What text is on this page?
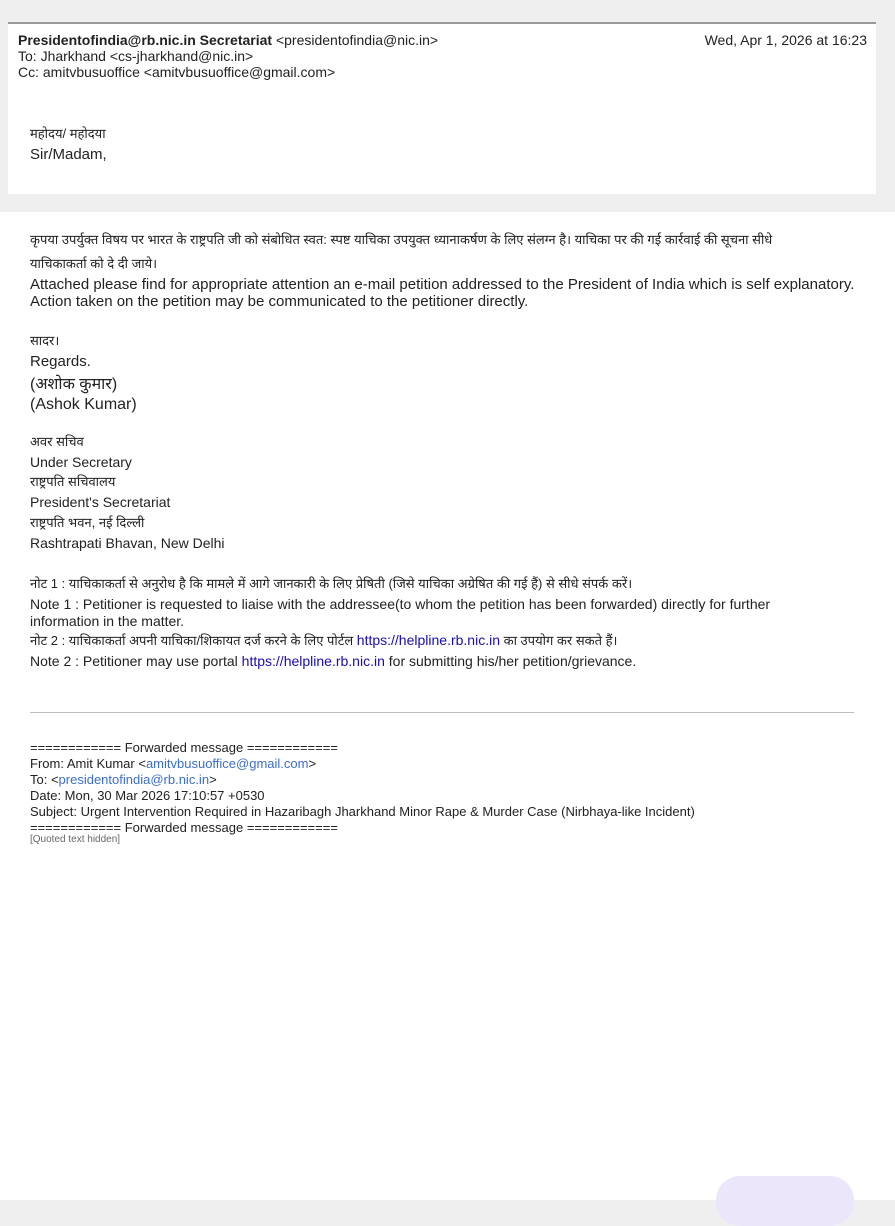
Presidentofindia@rb.nic.in Secretariat <presidentofindia@nic.in>	Wed, Apr 1, 2026 at 16:23
To: Jharkhand <cs-jharkhand@nic.in>
Cc: amitvbusuoffice <amitvbusuoffice@gmail.com>
महोदय/ महोदया
Sir/Madam,
कृपया उपर्युक्त विषय पर भारत के राष्ट्रपति जी को संबोधित स्वत: स्पष्ट याचिका उपयुक्त ध्यानाकर्षण के लिए संलग्न है। याचिका पर की गई कार्रवाई की सूचना सीधे
याचिकाकर्ता को दे दी जाये।
Attached please find for appropriate attention an e-mail petition addressed to the President of India which is self explanatory.
Action taken on the petition may be communicated to the petitioner directly.
सादर।
Regards.
(अशोक कुमार)
(Ashok Kumar)
अवर सचिव
Under Secretary
राष्ट्रपति सचिवालय
President's Secretariat
राष्ट्रपति भवन, नई दिल्ली
Rashtrapati Bhavan, New Delhi
नोट 1 : याचिकाकर्ता से अनुरोध है कि मामले में आगे जानकारी के लिए प्रेषिती (जिसे याचिका अग्रेषित की गई हैं) से सीधे संपर्क करें।
Note 1 : Petitioner is requested to liaise with the addressee(to whom the petition has been forwarded) directly for further
information in the matter.
नोट 2 : याचिकाकर्ता अपनी याचिका/शिकायत दर्ज करने के लिए पोर्टल https://helpline.rb.nic.in का उपयोग कर सकते हैं।
Note 2 : Petitioner may use portal https://helpline.rb.nic.in for submitting his/her petition/grievance.
============ Forwarded message ============
From: Amit Kumar <amitvbusuoffice@gmail.com>
To: <presidentofindia@rb.nic.in>
Date: Mon, 30 Mar 2026 17:10:57 +0530
Subject: Urgent Intervention Required in Hazaribagh Jharkhand Minor Rape & Murder Case (Nirbhaya-like Incident)
============ Forwarded message ============
[Quoted text hidden]
